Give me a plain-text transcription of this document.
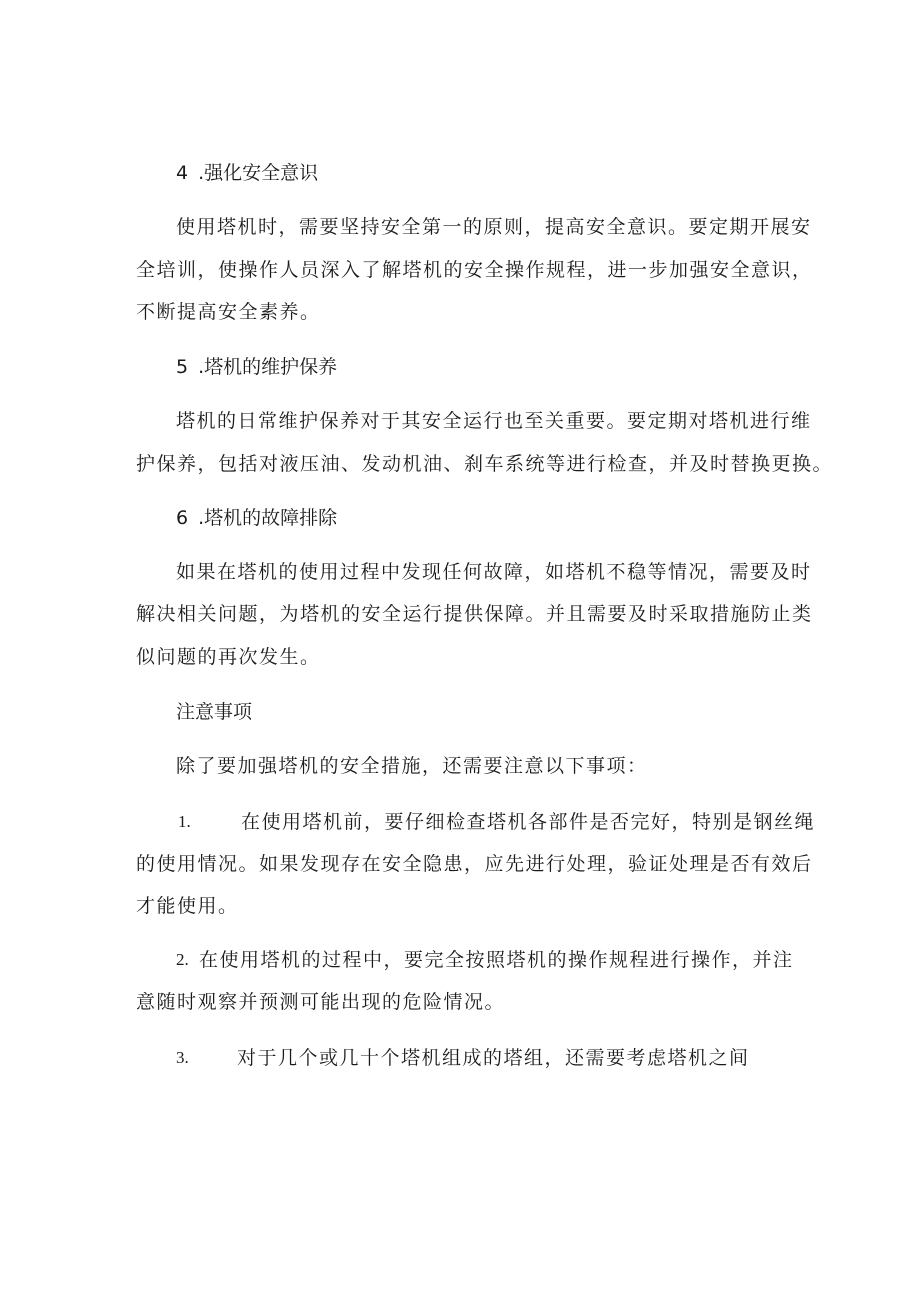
4 .强化安全意识
使用塔机时，需要坚持安全第一的原则，提高安全意识。要定期开展安
全培训，使操作人员深入了解塔机的安全操作规程，进一步加强安全意识，
不断提高安全素养。
5 .塔机的维护保养
塔机的日常维护保养对于其安全运行也至关重要。要定期对塔机进行维
护保养，包括对液压油、发动机油、刹车系统等进行检查，并及时替换更换。
6 .塔机的故障排除
如果在塔机的使用过程中发现任何故障，如塔机不稳等情况，需要及时
解决相关问题，为塔机的安全运行提供保障。并且需要及时采取措施防止类
似问题的再次发生。
注意事项
除了要加强塔机的安全措施，还需要注意以下事项：
1.	在使用塔机前，要仔细检查塔机各部件是否完好，特别是钢丝绳
的使用情况。如果发现存在安全隐患，应先进行处理，验证处理是否有效后
才能使用。
2. 在使用塔机的过程中，要完全按照塔机的操作规程进行操作，并注
意随时观察并预测可能出现的危险情况。
3.	对于几个或几十个塔机组成的塔组，还需要考虑塔机之间
